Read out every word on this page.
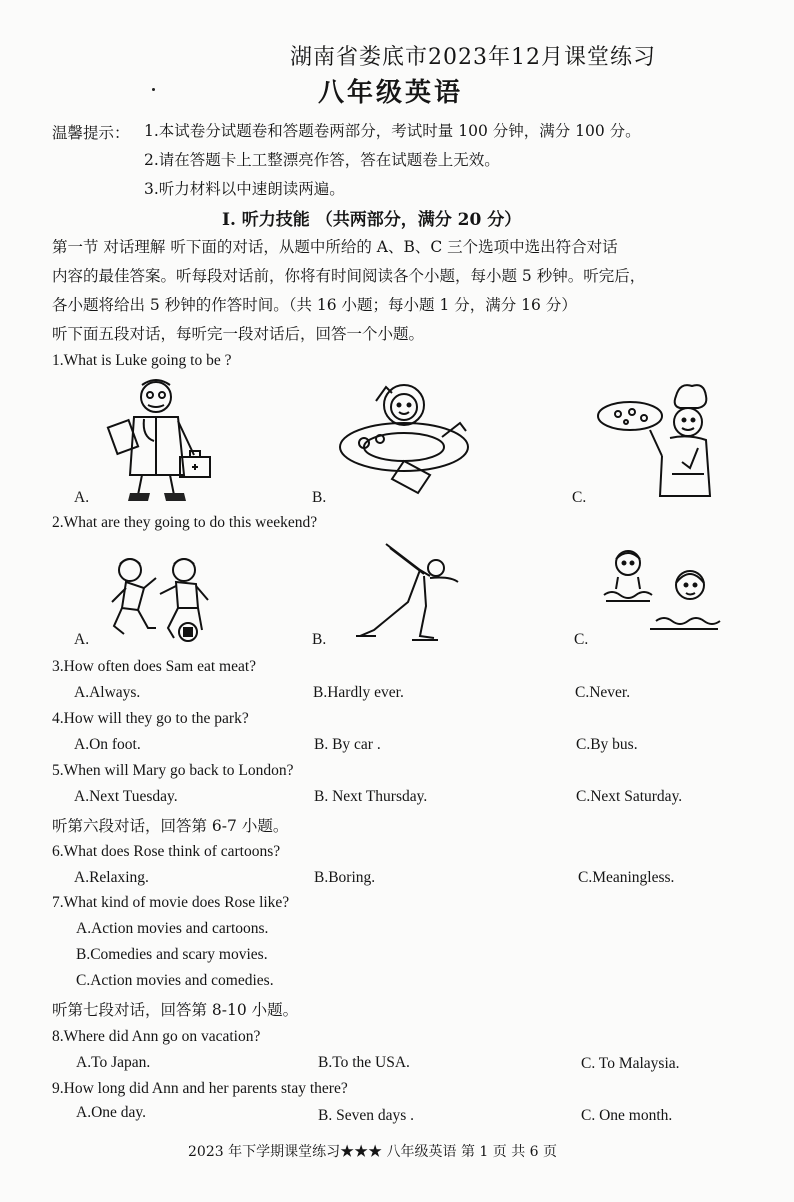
湖南省娄底市2023年12月课堂练习
八年级英语
温馨提示： 1.本试卷分试题卷和答题卷两部分，考试时量 100 分钟，满分 100 分。
2.请在答题卡上工整漂亮作答，答在试题卷上无效。
3.听力材料以中速朗读两遍。
I. 听力技能 （共两部分，满分 20 分）
第一节 对话理解 听下面的对话，从题中所给的 A、B、C 三个选项中选出符合对话
内容的最佳答案。听每段对话前，你将有时间阅读各个小题，每小题 5 秒钟。听完后，
各小题将给出 5 秒钟的作答时间。（共 16 小题；每小题 1 分，满分 16 分）
听下面五段对话，每听完一段对话后，回答一个小题。
1.What is Luke going to be ?
A.	B.	C.
2.What are they going to do this weekend?
A.	B.	C.
3.How often does Sam eat meat?
A.Always.	B.Hardly ever.	C.Never.
4.How will they go to the park?
A.On foot.	B. By car .	C.By bus.
5.When will Mary go back to London?
A.Next Tuesday.	B. Next Thursday.	C.Next Saturday.
听第六段对话，回答第 6-7 小题。
6.What does Rose think of cartoons?
A.Relaxing.	B.Boring.	C.Meaningless.
7.What kind of movie does Rose like?
A.Action movies and cartoons.
B.Comedies and scary movies.
C.Action movies and comedies.
听第七段对话，回答第 8-10 小题。
8.Where did Ann go on vacation?
A.To Japan.	B.To the USA.	C. To Malaysia.
9.How long did Ann and her parents stay there?
A.One day.	B. Seven days .	C. One month.
2023 年下学期课堂练习★★★ 八年级英语 第 1 页 共 6 页
